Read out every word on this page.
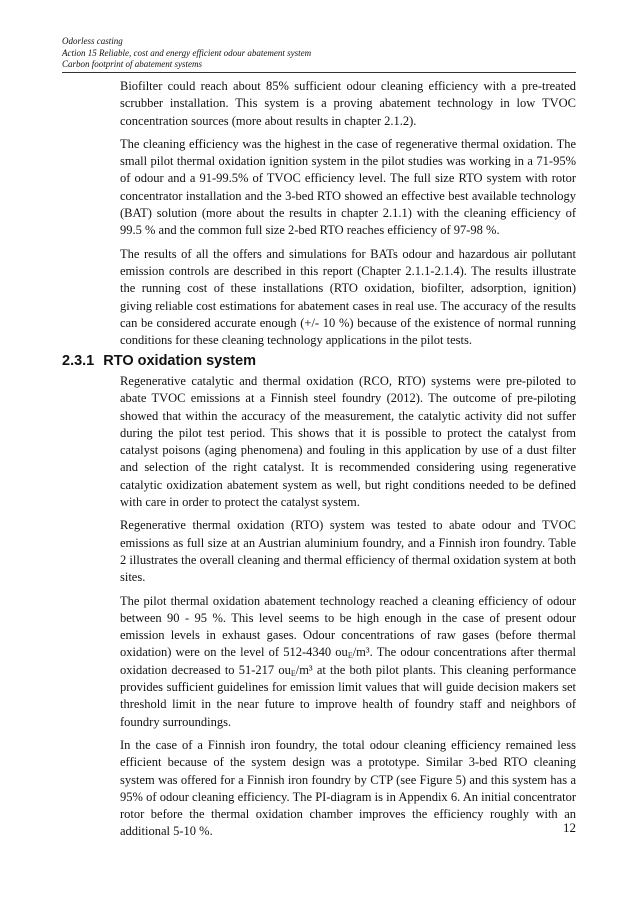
Odorless casting
Action 15 Reliable, cost and energy efficient odour abatement system
Carbon footprint of abatement systems

Biofilter could reach about 85% sufficient odour cleaning efficiency with a pre-treated scrubber installation. This system is a proving abatement technology in low TVOC concentration sources (more about results in chapter 2.1.2).

The cleaning efficiency was the highest in the case of regenerative thermal oxidation. The small pilot thermal oxidation ignition system in the pilot studies was working in a 71-95% of odour and a 91-99.5% of TVOC efficiency level. The full size RTO system with rotor concentrator installation and the 3-bed RTO showed an effective best available technology (BAT) solution (more about the results in chapter 2.1.1) with the cleaning efficiency of 99.5 % and the common full size 2-bed RTO reaches efficiency of 97-98 %.

The results of all the offers and simulations for BATs odour and hazardous air pollutant emission controls are described in this report (Chapter 2.1.1-2.1.4). The results illustrate the running cost of these installations (RTO oxidation, biofilter, adsorption, ignition) giving reliable cost estimations for abatement cases in real use. The accuracy of the results can be considered accurate enough (+/- 10 %) because of the existence of normal running conditions for these cleaning technology applications in the pilot tests.

2.3.1 RTO oxidation system

Regenerative catalytic and thermal oxidation (RCO, RTO) systems were pre-piloted to abate TVOC emissions at a Finnish steel foundry (2012). The outcome of pre-piloting showed that within the accuracy of the measurement, the catalytic activity did not suffer during the pilot test period. This shows that it is possible to protect the catalyst from catalyst poisons (aging phenomena) and fouling in this application by use of a dust filter and selection of the right catalyst. It is recommended considering using regenerative catalytic oxidization abatement system as well, but right conditions needed to be defined with care in order to protect the catalyst system.

Regenerative thermal oxidation (RTO) system was tested to abate odour and TVOC emissions as full size at an Austrian aluminium foundry, and a Finnish iron foundry. Table 2 illustrates the overall cleaning and thermal efficiency of thermal oxidation system at both sites.

The pilot thermal oxidation abatement technology reached a cleaning efficiency of odour between 90 - 95 %. This level seems to be high enough in the case of present odour emission levels in exhaust gases. Odour concentrations of raw gases (before thermal oxidation) were on the level of 512-4340 $ou_E/m^3$. The odour concentrations after thermal oxidation decreased to 51-217 $ou_E/m^3$ at the both pilot plants. This cleaning performance provides sufficient guidelines for emission limit values that will guide decision makers set threshold limit in the near future to improve health of foundry staff and neighbors of foundry surroundings.

In the case of a Finnish iron foundry, the total odour cleaning efficiency remained less efficient because of the system design was a prototype. Similar 3-bed RTO cleaning system was offered for a Finnish iron foundry by CTP (see Figure 5) and this system has a 95% of odour cleaning efficiency. The PI-diagram is in Appendix 6. An initial concentrator rotor before the thermal oxidation chamber improves the efficiency roughly with an additional 5-10 %.	12
